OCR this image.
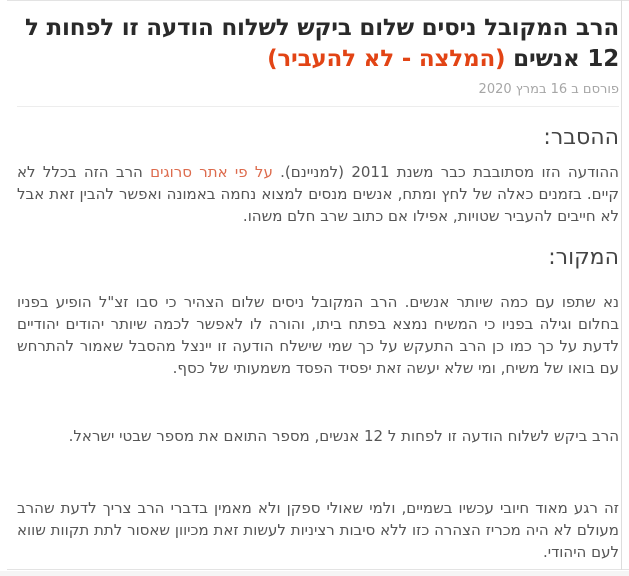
הרב המקובל ניסים שלום ביקש לשלוח הודעה זו לפחות ל 12 אנשים (המלצה - לא להעביר)
פורסם ב 16 במרץ 2020
ההסבר:

ההודעה הזו מסתובבת כבר משנת 2011 (למניינם). על פי אתר סרוגים הרב הזה בכלל לא קיים. בזמנים כאלה של לחץ ומתח, אנשים מנסים למצוא נחמה באמונה ואפשר להבין זאת אבל לא חייבים להעביר שטויות, אפילו אם כתוב שרב חלם משהו.

המקור:

נא שתפו עם כמה שיותר אנשים. הרב המקובל ניסים שלום הצהיר כי סבו זצ"ל הופיע בפניו בחלום וגילה בפניו כי המשיח נמצא בפתח ביתו, והורה לו לאפשר לכמה שיותר יהודים יהודיים לדעת על כך כמו כן הרב התעקש על כך שמי שישלח הודעה זו יינצל מהסבל שאמור להתרחש עם בואו של משיח, ומי שלא יעשה זאת יפסיד הפסד משמעותי של כסף.

הרב ביקש לשלוח הודעה זו לפחות ל 12 אנשים, מספר התואם את מספר שבטי ישראל.

זה רגע מאוד חיובי עכשיו בשמיים, ולמי שאולי ספקן ולא מאמין בדברי הרב צריך לדעת שהרב מעולם לא היה מכריז הצהרה כזו ללא סיבות רציניות לעשות זאת מכיוון שאסור לתת תקוות שווא לעם היהודי.
